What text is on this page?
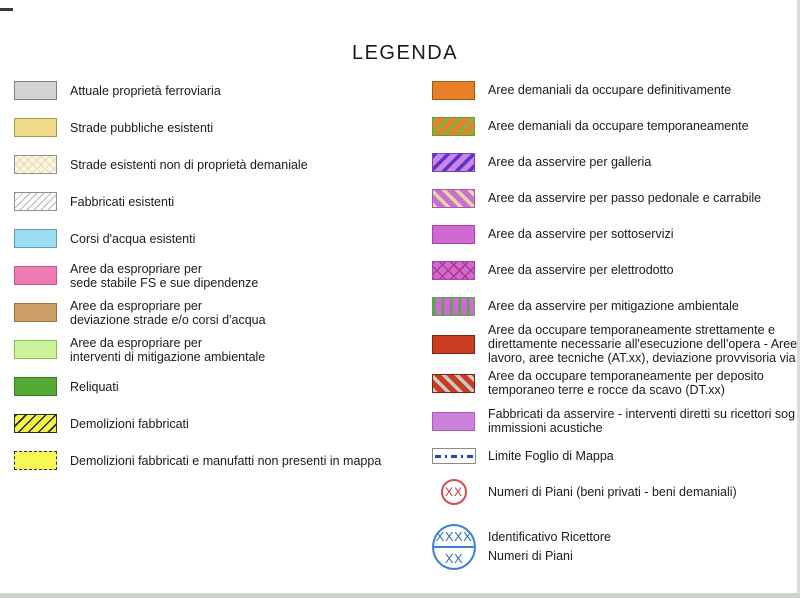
LEGENDA
Attuale proprietà ferroviaria
Strade pubbliche esistenti
Strade esistenti non di proprietà demaniale
Fabbricati esistenti
Corsi d'acqua esistenti
Aree da espropriare per
sede stabile FS e sue dipendenze
Aree da espropriare per
deviazione strade e/o corsi d'acqua
Aree da espropriare per
interventi di mitigazione ambientale
Reliquati
Demolizioni fabbricati
Demolizioni fabbricati e manufatti non presenti in mappa
Aree demaniali da occupare definitivamente
Aree demaniali da occupare temporaneamente
Aree da asservire per galleria
Aree da asservire per passo pedonale e carrabile
Aree da asservire per sottoservizi
Aree da asservire per elettrodotto
Aree da asservire per mitigazione ambientale
Aree da occupare temporaneamente strettamente e
direttamente necessarie all'esecuzione dell'opera - Aree
lavoro, aree tecniche (AT.xx), deviazione provvisoria via
Aree da occupare temporaneamente per deposito
temporaneo terre e rocce da scavo (DT.xx)
Fabbricati da asservire - interventi diretti su ricettori sog
immissioni acustiche
Limite Foglio di Mappa
XX Numeri di Piani (beni privati - beni demaniali)
XXXX
XX
Identificativo Ricettore
Numeri di Piani
